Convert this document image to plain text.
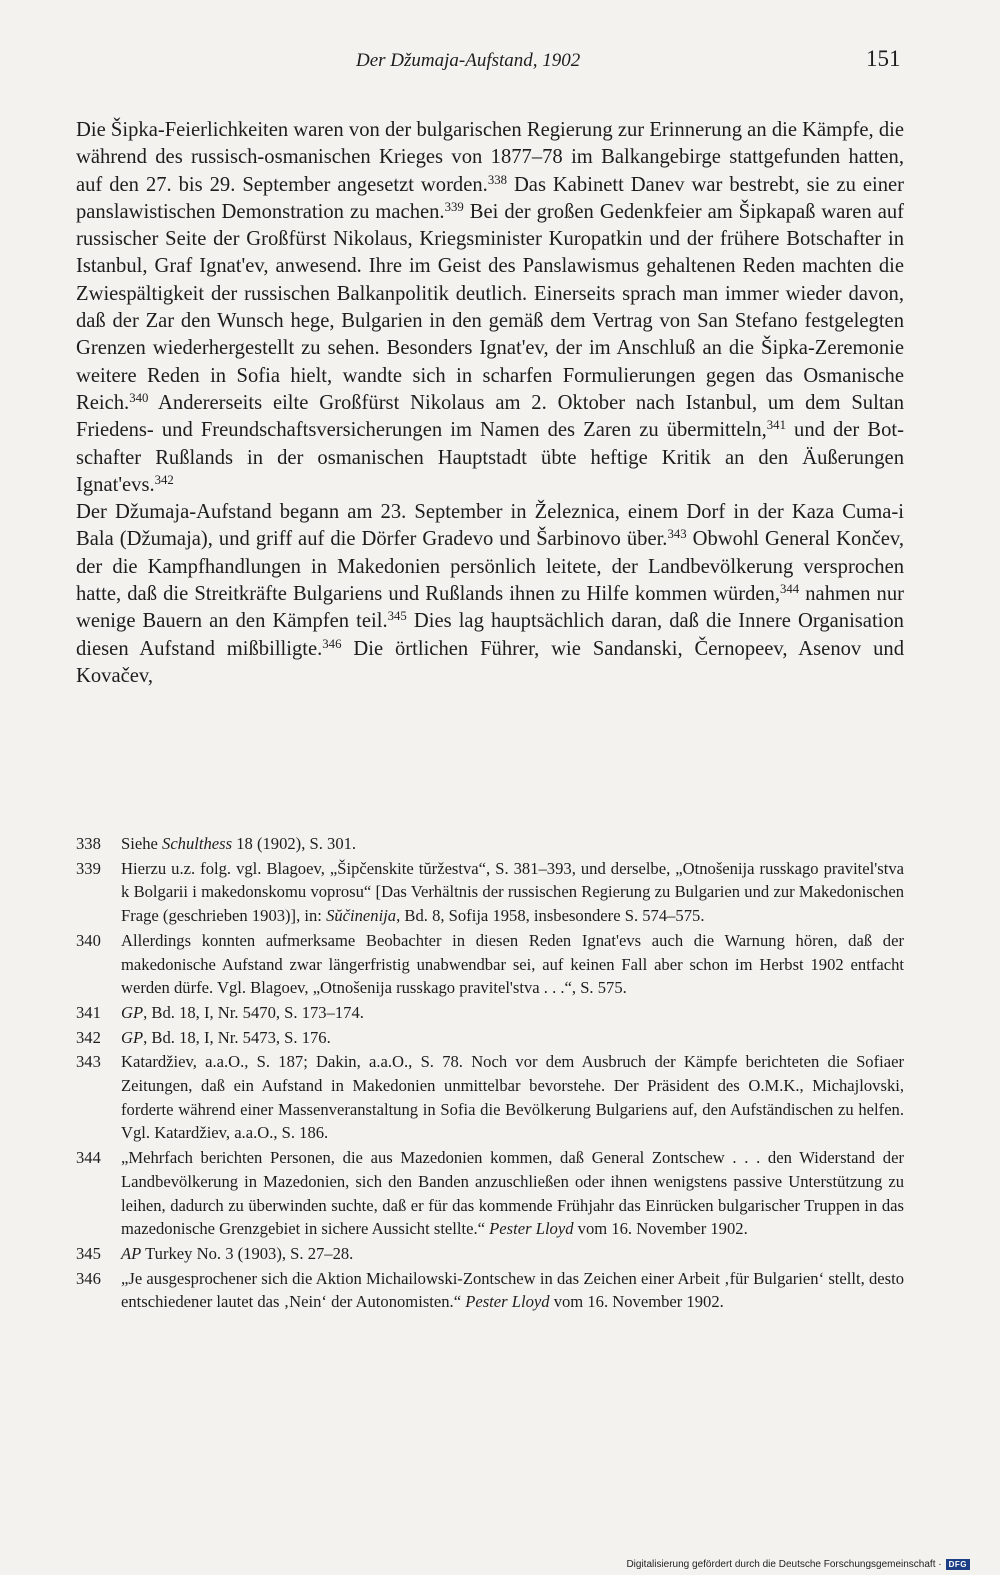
Der Džumaja-Aufstand, 1902	151

Die Šipka-Feierlichkeiten waren von der bulgarischen Regierung zur Erinnerung an die Kämpfe, die während des russisch-osmanischen Krieges von 1877–78 im Balkangebirge stattgefunden hatten, auf den 27. bis 29. September angesetzt worden.$^{338}$ Das Kabinett Danev war bestrebt, sie zu einer panslawistischen Demonstration zu machen.$^{339}$ Bei der großen Gedenkfeier am Šipkapaß waren auf russischer Seite der Großfürst Nikolaus, Kriegsminister Kuropatkin und der frühere Botschafter in Istanbul, Graf Ignat'ev, anwesend. Ihre im Geist des Panslawismus gehaltenen Reden machten die Zwiespältigkeit der russischen Balkanpolitik deutlich. Einerseits sprach man immer wieder davon, daß der Zar den Wunsch hege, Bulgarien in den gemäß dem Vertrag von San Stefano festgelegten Grenzen wiederhergestellt zu sehen. Besonders Ignat'ev, der im Anschluß an die Šipka-Zeremonie weitere Reden in Sofia hielt, wandte sich in scharfen Formulierungen gegen das Osmanische Reich.$^{340}$ Andererseits eilte Großfürst Nikolaus am 2. Oktober nach Istanbul, um dem Sultan Friedens- und Freundschaftsversicherungen im Namen des Zaren zu übermitteln,$^{341}$ und der Botschafter Rußlands in der osmanischen Hauptstadt übte heftige Kritik an den Äußerungen Ignat'evs.$^{342}$

Der Džumaja-Aufstand begann am 23. September in Železnica, einem Dorf in der Kaza Cuma-i Bala (Džumaja), und griff auf die Dörfer Gradevo und Šarbinovo über.$^{343}$ Obwohl General Končev, der die Kampfhandlungen in Makedonien persönlich leitete, der Landbevölkerung versprochen hatte, daß die Streitkräfte Bulgariens und Rußlands ihnen zu Hilfe kommen würden,$^{344}$ nahmen nur wenige Bauern an den Kämpfen teil.$^{345}$ Dies lag hauptsächlich daran, daß die Innere Organisation diesen Aufstand mißbilligte.$^{346}$ Die örtlichen Führer, wie Sandanski, Černopeev, Asenov und Kovačev,

338	Siehe Schulthess 18 (1902), S. 301.
339	Hierzu u.z. folg. vgl. Blagoev, „Šipčenskite tŭržestva“, S. 381–393, und derselbe, „Otnošenija russkago pravitel'stva k Bolgarii i makedonskomu voprosu“ [Das Verhältnis der russischen Regierung zu Bulgarien und zur Makedonischen Frage (geschrieben 1903)], in: Sŭčinenija, Bd. 8, Sofija 1958, insbesondere S. 574–575.
340	Allerdings konnten aufmerksame Beobachter in diesen Reden Ignat'evs auch die Warnung hören, daß der makedonische Aufstand zwar längerfristig unabwendbar sei, auf keinen Fall aber schon im Herbst 1902 entfacht werden dürfe. Vgl. Blagoev, „Otnošenija russkago pravitel'stva . . .“, S. 575.
341	GP, Bd. 18, I, Nr. 5470, S. 173–174.
342	GP, Bd. 18, I, Nr. 5473, S. 176.
343	Katardžiev, a.a.O., S. 187; Dakin, a.a.O., S. 78. Noch vor dem Ausbruch der Kämpfe berichteten die Sofiaer Zeitungen, daß ein Aufstand in Makedonien unmittelbar bevorstehe. Der Präsident des O.M.K., Michajlovski, forderte während einer Massenveranstaltung in Sofia die Bevölkerung Bulgariens auf, den Aufständischen zu helfen. Vgl. Katardžiev, a.a.O., S. 186.
344	„Mehrfach berichten Personen, die aus Mazedonien kommen, daß General Zontschew . . . den Widerstand der Landbevölkerung in Mazedonien, sich den Banden anzuschließen oder ihnen wenigstens passive Unterstützung zu leihen, dadurch zu überwinden suchte, daß er für das kommende Frühjahr das Einrücken bulgarischer Truppen in das mazedonische Grenzgebiet in sichere Aussicht stellte.“ Pester Lloyd vom 16. November 1902.
345	AP Turkey No. 3 (1903), S. 27–28.
346	„Je ausgesprochener sich die Aktion Michailowski-Zontschew in das Zeichen einer Arbeit ‚für Bulgarien‘ stellt, desto entschiedener lautet das ‚Nein‘ der Autonomisten.“ Pester Lloyd vom 16. November 1902.
Digitalisierung gefördert durch die Deutsche Forschungsgemeinschaft · DFG
